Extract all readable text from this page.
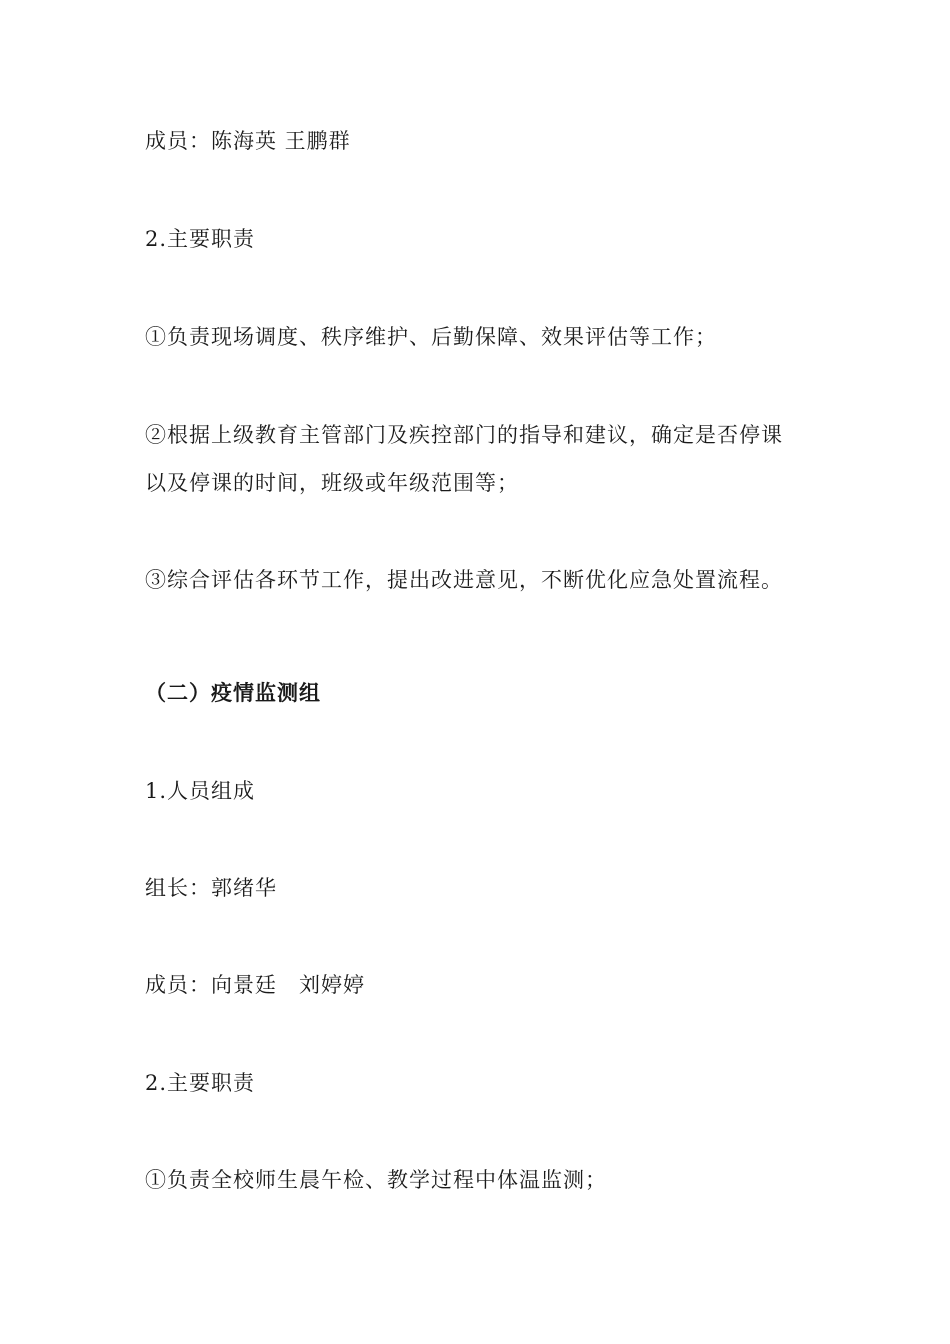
成员：陈海英 王鹏群
2.主要职责
①负责现场调度、秩序维护、后勤保障、效果评估等工作；
②根据上级教育主管部门及疾控部门的指导和建议，确定是否停课
以及停课的时间，班级或年级范围等；
③综合评估各环节工作，提出改进意见，不断优化应急处置流程。
（二）疫情监测组
1.人员组成
组长：郭绪华
成员：向景廷　刘婷婷
2.主要职责
①负责全校师生晨午检、教学过程中体温监测；
